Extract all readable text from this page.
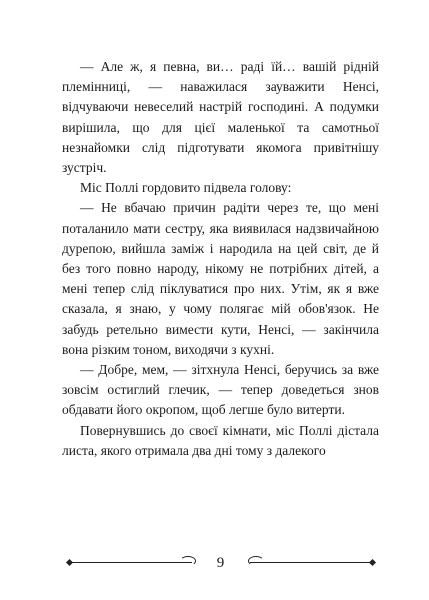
— Але ж, я певна, ви… раді їй… вашій рідній племінниці, — наважилася зауважити Ненсі, відчуваючи невеселий настрій господині. А подумки вирішила, що для цієї маленької та самотньої незнайомки слід підготувати якомога привітнішу зустріч.

Міс Поллі гордовито підвела голову:

— Не вбачаю причин радіти через те, що мені поталанило мати сестру, яка виявилася надзвичайною дурепою, вийшла заміж і народила на цей світ, де й без того повно народу, нікому не потрібних дітей, а мені тепер слід піклуватися про них. Утім, як я вже сказала, я знаю, у чому полягає мій обов'язок. Не забудь ретельно вимести кути, Ненсі, — закінчила вона різким тоном, виходячи з кухні.

— Добре, мем, — зітхнула Ненсі, беручись за вже зовсім остиглий глечик, — тепер доведеться знов обдавати його окропом, щоб легше було витерти.

Повернувшись до своєї кімнати, міс Поллі дістала листа, якого отримала два дні тому з далекого

9
